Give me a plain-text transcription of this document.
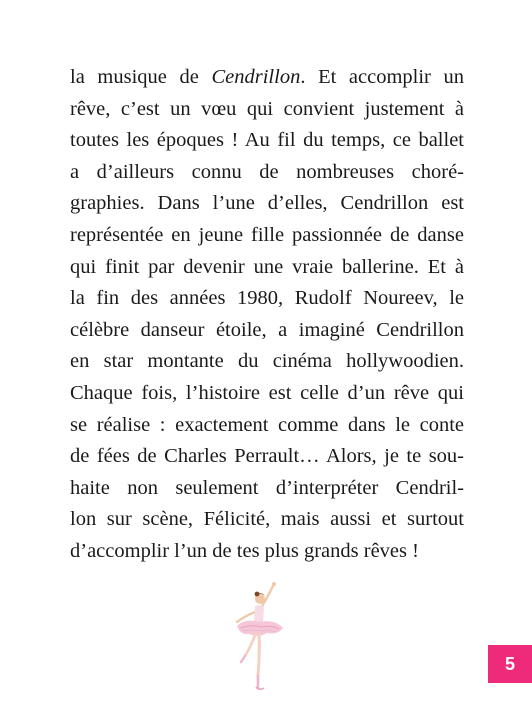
la musique de Cendrillon. Et accomplir un
rêve, c’est un vœu qui convient justement à
toutes les époques ! Au fil du temps, ce ballet
a d’ailleurs connu de nombreuses choré-
graphies. Dans l’une d’elles, Cendrillon est
représentée en jeune fille passionnée de danse
qui finit par devenir une vraie ballerine. Et à
la fin des années 1980, Rudolf Noureev, le
célèbre danseur étoile, a imaginé Cendrillon
en star montante du cinéma hollywoodien.
Chaque fois, l’histoire est celle d’un rêve qui
se réalise : exactement comme dans le conte
de fées de Charles Perrault… Alors, je te sou-
haite non seulement d’interpréter Cendril-
lon sur scène, Félicité, mais aussi et surtout
d’accomplir l’un de tes plus grands rêves !
5
